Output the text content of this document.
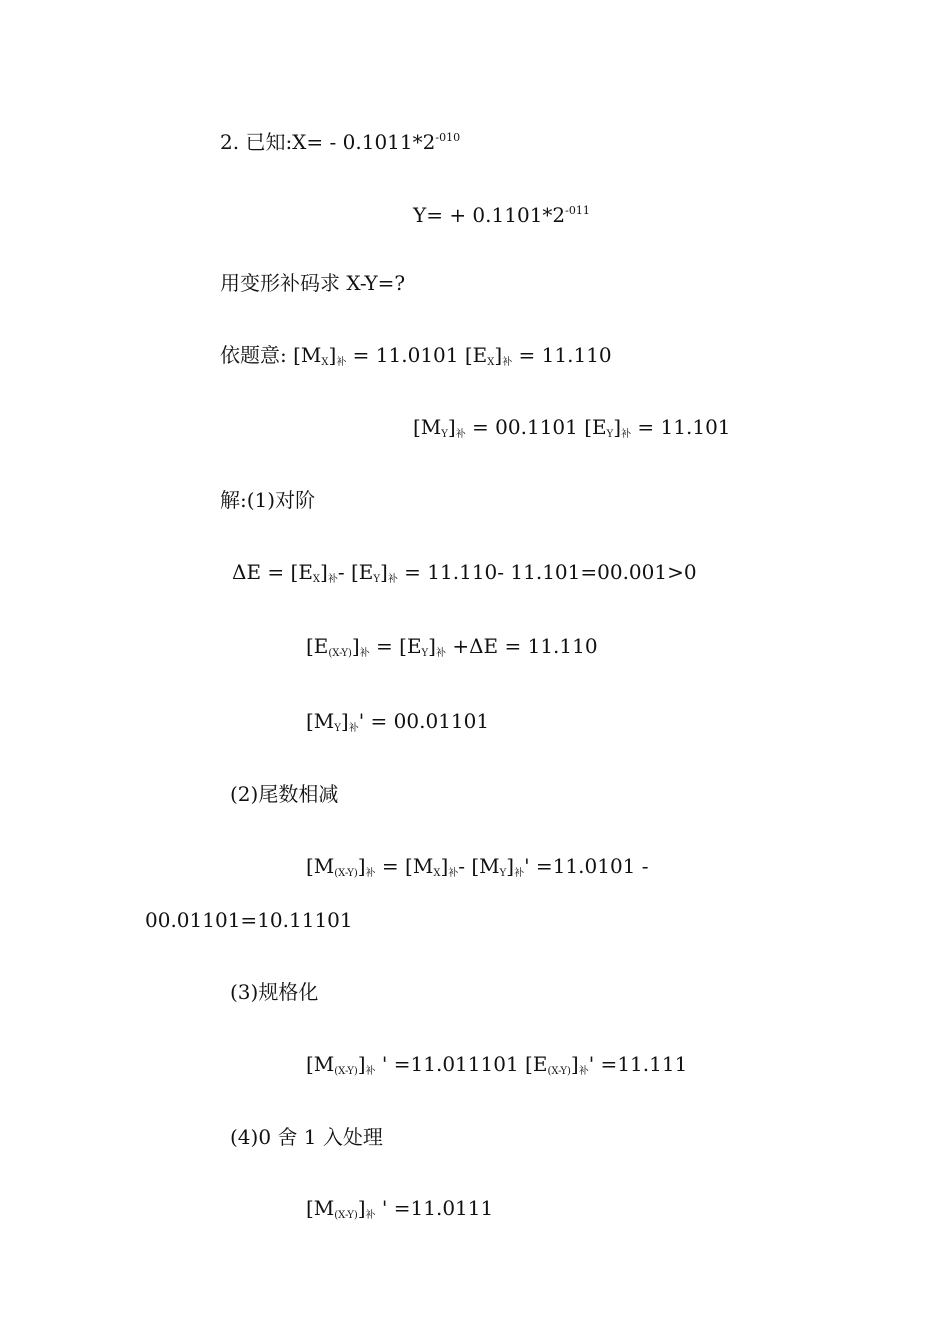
2. 已知:X= - $0.1011*2^{-010}$
$Y= + 0.1101*2^{-011}$
用变形补码求 X-Y=?
依题意: [MX]补 = 11.0101 [EX]补 = 11.110
[MY]补 = 00.1101 [EY]补 = 11.101
解:(1)对阶
ΔE = [EX]补- [EY]补 = 11.110- 11.101=00.001>0
[E(X-Y)]补 = [EY]补 +ΔE = 11.110
[MY]补' = 00.01101
(2)尾数相减
[M(X-Y)]补 = [MX]补- [MY]补' =11.0101 -
00.01101=10.11101
(3)规格化
[M(X-Y)]补 ' =11.011101 [E(X-Y)]补' =11.111
(4)0 舍 1 入处理
[M(X-Y)]补 ' =11.0111
